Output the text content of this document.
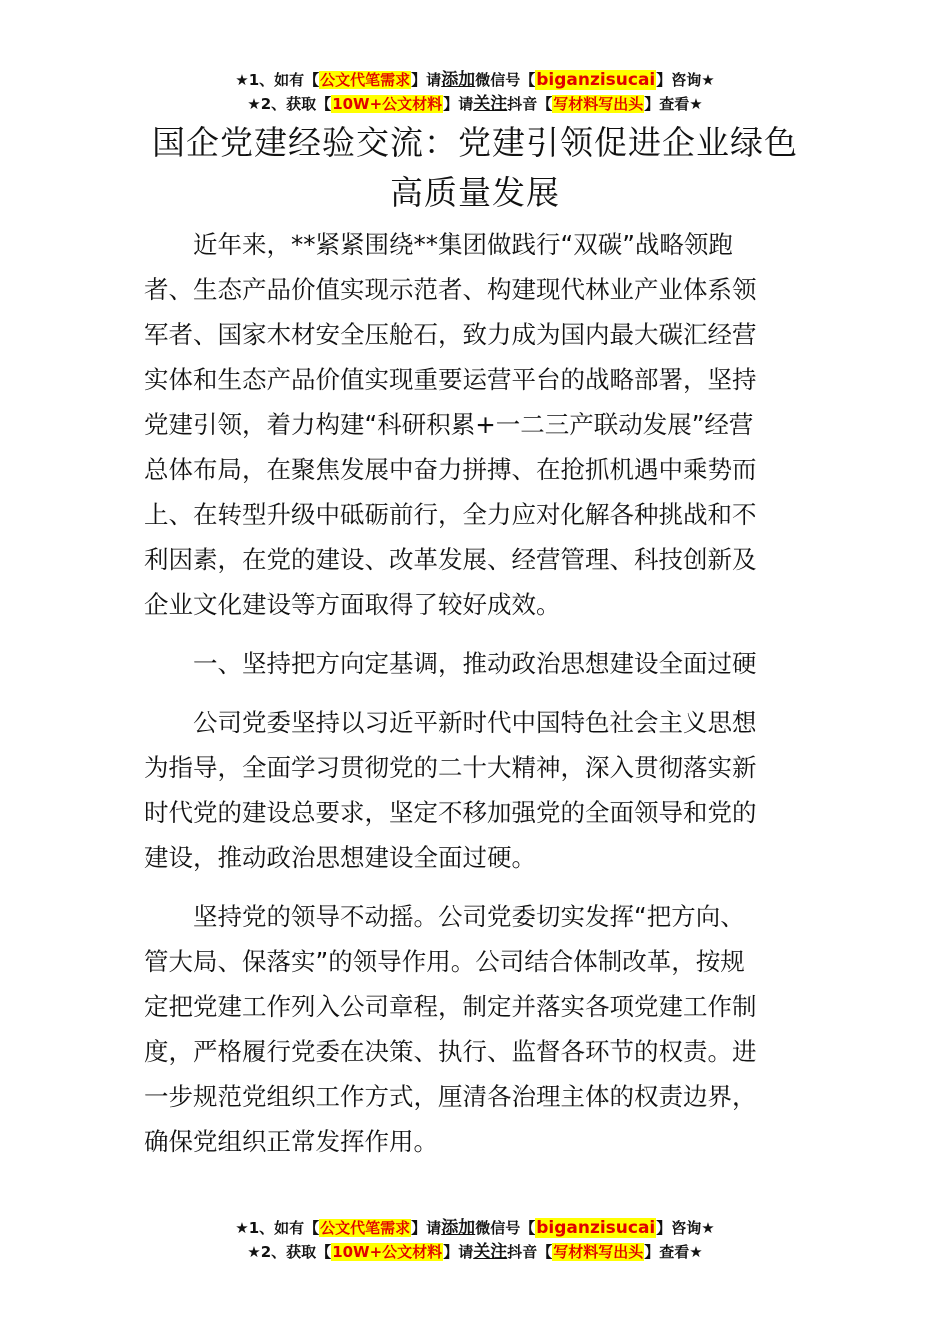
★1、如有【公文代笔需求】请添加微信号【biganzisucai】咨询★
★2、获取【10W+公文材料】请关注抖音【写材料写出头】查看★
国企党建经验交流：党建引领促进企业绿色
高质量发展

近年来，**紧紧围绕**集团做践行“双碳”战略领跑
者、生态产品价值实现示范者、构建现代林业产业体系领
军者、国家木材安全压舱石，致力成为国内最大碳汇经营
实体和生态产品价值实现重要运营平台的战略部署，坚持
党建引领，着力构建“科研积累+一二三产联动发展”经营
总体布局，在聚焦发展中奋力拼搏、在抢抓机遇中乘势而
上、在转型升级中砥砺前行，全力应对化解各种挑战和不
利因素，在党的建设、改革发展、经营管理、科技创新及
企业文化建设等方面取得了较好成效。

一、坚持把方向定基调，推动政治思想建设全面过硬

公司党委坚持以习近平新时代中国特色社会主义思想
为指导，全面学习贯彻党的二十大精神，深入贯彻落实新
时代党的建设总要求，坚定不移加强党的全面领导和党的
建设，推动政治思想建设全面过硬。

坚持党的领导不动摇。公司党委切实发挥“把方向、
管大局、保落实”的领导作用。公司结合体制改革，按规
定把党建工作列入公司章程，制定并落实各项党建工作制
度，严格履行党委在决策、执行、监督各环节的权责。进
一步规范党组织工作方式，厘清各治理主体的权责边界，
确保党组织正常发挥作用。

★1、如有【公文代笔需求】请添加微信号【biganzisucai】咨询★
★2、获取【10W+公文材料】请关注抖音【写材料写出头】查看★
